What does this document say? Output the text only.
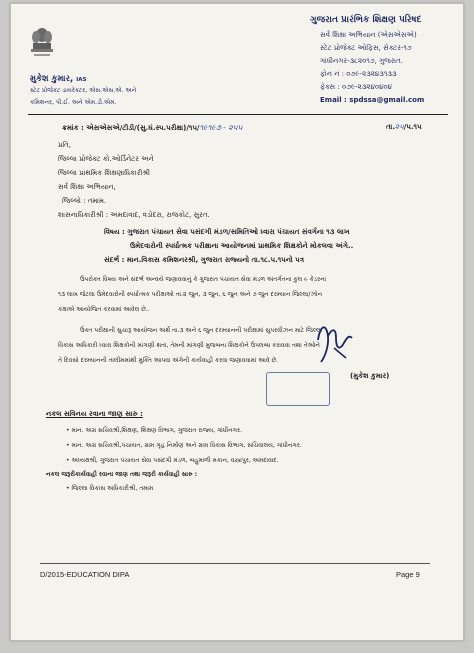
ગુજરાત પ્રારંભિક શિક્ષણ પરિષદ
સર્વ શિક્ષા અભિયાન (એસએસએ)
સ્ટેટ પ્રોજેક્ટ ઓફિસ, સેક્ટર-૧૭
ગાંધીનગર-૩૮૨૦૧૭, ગુજરાત.
ફોન નં : ૦૭૯-૨૩૨૪૩૧૩૩
ફેક્સ : ૦૭૯-૨૩૨૪૦૪૦૪
Email : spdssa@gmail.com
મુકેશ કુમાર, IAS
સ્ટેટ પ્રોજેક્ટ ડાયરેક્ટર, એસ.એસ.એ. અને
કમિશનર, પી.ઈ. અને એમ.ડી.એમ.
ક્રમાંક : એસએસએ/ટીડી/(સુ.ઘં.સ્પ.પરીક્ષા)/૧૫/૧૯૧૯૭ - ૨૫૫	તા.૨૫/૫.૧૫
પ્રતિ,
જિલ્લા પ્રોજેક્ટ કો.ઓર્ડિનેટર અને
જિલ્લા પ્રાથમિક શિક્ષણાધિકારીશ્રી
સર્વ શિક્ષા અભિયાન,
જિલ્લો : તમામ.
શાસનાધિકારીશ્રી : અમદાવાદ, વડોદરા, રાજકોટ, સુરત.
વિષય : ગુજરાત પંચાયત સેવા પસંદગી મંડળ/સમિતિઓ ધ્વારા પંચાયત સંવર્ગના ૧૩ લાખ
ઉમેદવારોની સ્પર્ધાત્મક પરીક્ષાના આયોજનમાં પ્રાથમિક શિક્ષકોને મોકલવા અંગે..
સંદર્ભ : માન.વિકાસ કમિશનરશ્રી, ગુજરાત રાજ્યનો તા.૧૮.૫.૧૫નો પત્ર
ઉપરોક્ત વિષય અને સંદર્ભ અન્વયે જણાવવાનું કે ગુજરાત પંચાયત સેવા મંડળ અંતર્ગતના કુલ ૯ કેડરના
૧૩ લાખ જેટલા ઉમેદવારોની સ્પર્ધાત્મક પરીક્ષાઓ તા.૨ જુન, ૩ જુન, ૬ જુન અને ૭ જુન દરમ્યાન જિલ્લા/ઝોન
કક્ષાએ આયોજિત કરવામાં આવેલ છે..
ઉક્ત પરીક્ષાની સુચારૂ આયોજન અર્થે તા.૩ અને ૬ જુન દરમ્યાનની પરીક્ષામાં સુપરવીઝન માટે જિલ્લા
વિકાસ અધિકારી ધ્વારા શિક્ષકોની માંગણી થતાં, તેમની માંગણી મુજબના શિક્ષકોને ઉપલબ્ધ કરાવવા તથા તેઓને
તે દિવસો દરમ્યાનની તાલીમમાંથી મુક્તિ આપવા અંગેની કાર્યવાહી કરવા જણાવવામાં આવે છે.
(મુકેશ કુમાર)
નકલ સવિનય રવાના જાણ સારુ :
• માન. અગ્ર સચિવશ્રી,શિક્ષણ, શિક્ષણ વિભાગ, ગુજરાત રાજ્ય, ગાંધીનગર.
• માન. અગ્ર સચિવશ્રી,પંચાયત, ગ્રામ ગૃહ નિર્માણ અને ગ્રામ વિકાસ વિભાગ, સચિવાલય, ગાંધીનગર.
• અધ્યક્ષશ્રી, ગુજરાત પંચાયત સેવા પસંદગી મંડળ, બહુમાળી મકાન, વસ્ત્રાપુર, અમદાવાદ.
નકલ જરૂરીકાર્યવાહી રવાના જાણ તથા જરૂરી કાર્યવાહી સારુ :
• જિલ્લા વિકાસ અધિકારીશ્રી, તમામ
D/2015-EDUCATION DIPA	Page 9
